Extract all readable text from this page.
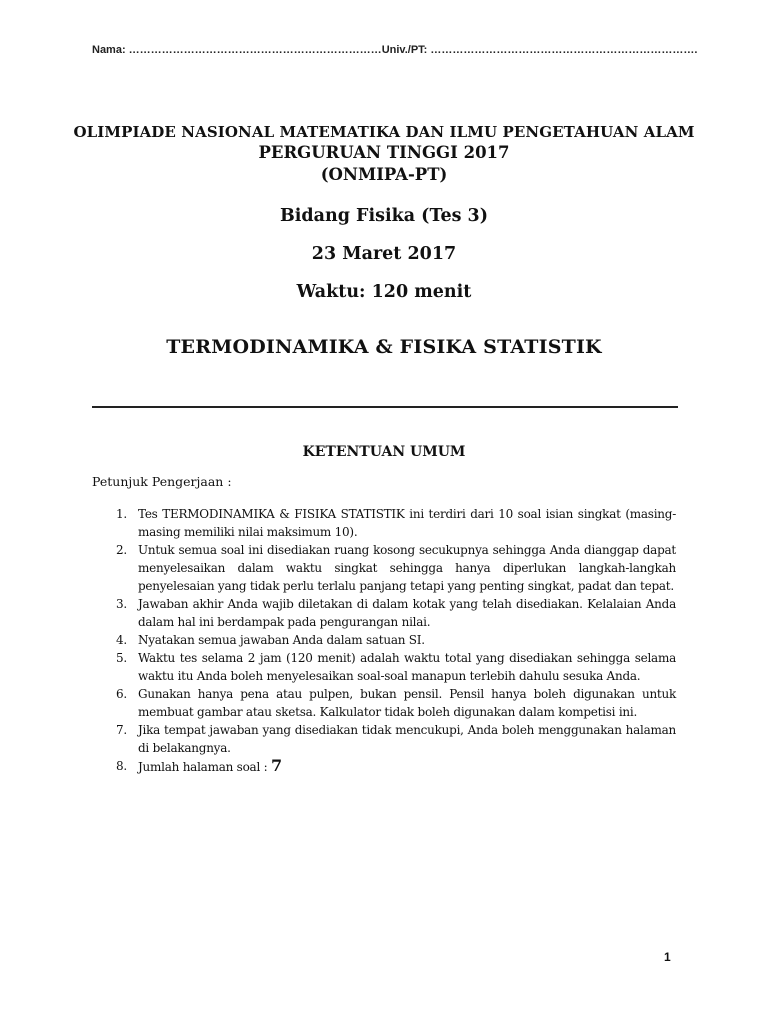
Nama: …………………………………………………………… Univ./PT: ……………………………………………………………….
OLIMPIADE NASIONAL MATEMATIKA DAN ILMU PENGETAHUAN ALAM
PERGURUAN TINGGI 2017
(ONMIPA-PT)
Bidang Fisika (Tes 3)
23 Maret 2017
Waktu: 120 menit
TERMODINAMIKA & FISIKA STATISTIK
KETENTUAN UMUM
Petunjuk Pengerjaan :
1. Tes TERMODINAMIKA & FISIKA STATISTIK ini terdiri dari 10 soal isian singkat (masing-masing memiliki nilai maksimum 10).
2. Untuk semua soal ini disediakan ruang kosong secukupnya sehingga Anda dianggap dapat menyelesaikan dalam waktu singkat sehingga hanya diperlukan langkah-langkah penyelesaian yang tidak perlu terlalu panjang tetapi yang penting singkat, padat dan tepat.
3. Jawaban akhir Anda wajib diletakan di dalam kotak yang telah disediakan. Kelalaian Anda dalam hal ini berdampak pada pengurangan nilai.
4. Nyatakan semua jawaban Anda dalam satuan SI.
5. Waktu tes selama 2 jam (120 menit) adalah waktu total yang disediakan sehingga selama waktu itu Anda boleh menyelesaikan soal-soal manapun terlebih dahulu sesuka Anda.
6. Gunakan hanya pena atau pulpen, bukan pensil. Pensil hanya boleh digunakan untuk membuat gambar atau sketsa. Kalkulator tidak boleh digunakan dalam kompetisi ini.
7. Jika tempat jawaban yang disediakan tidak mencukupi, Anda boleh menggunakan halaman di belakangnya.
8. Jumlah halaman soal : 7
1
